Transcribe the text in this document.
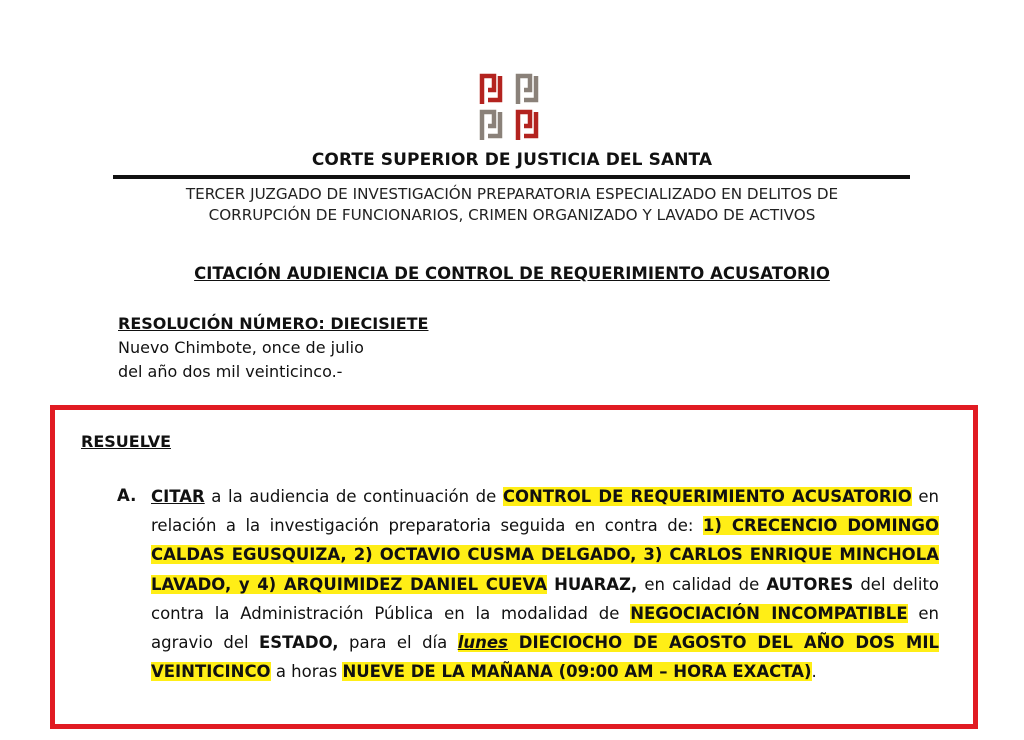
CORTE SUPERIOR DE JUSTICIA DEL SANTA
TERCER JUZGADO DE INVESTIGACIÓN PREPARATORIA ESPECIALIZADO EN DELITOS DE
CORRUPCIÓN DE FUNCIONARIOS, CRIMEN ORGANIZADO Y LAVADO DE ACTIVOS
CITACIÓN AUDIENCIA DE CONTROL DE REQUERIMIENTO ACUSATORIO
RESOLUCIÓN NÚMERO: DIECISIETE
Nuevo Chimbote, once de julio
del año dos mil veinticinco.-
RESUELVE
A. CITAR a la audiencia de continuación de CONTROL DE REQUERIMIENTO ACUSATORIO en relación a la investigación preparatoria seguida en contra de: 1) CRECENCIO DOMINGO CALDAS EGUSQUIZA, 2) OCTAVIO CUSMA DELGADO, 3) CARLOS ENRIQUE MINCHOLA LAVADO, y 4) ARQUIMIDEZ DANIEL CUEVA HUARAZ, en calidad de AUTORES del delito contra la Administración Pública en la modalidad de NEGOCIACIÓN INCOMPATIBLE en agravio del ESTADO, para el día lunes DIECIOCHO DE AGOSTO DEL AÑO DOS MIL VEINTICINCO a horas NUEVE DE LA MAÑANA (09:00 AM – HORA EXACTA).
